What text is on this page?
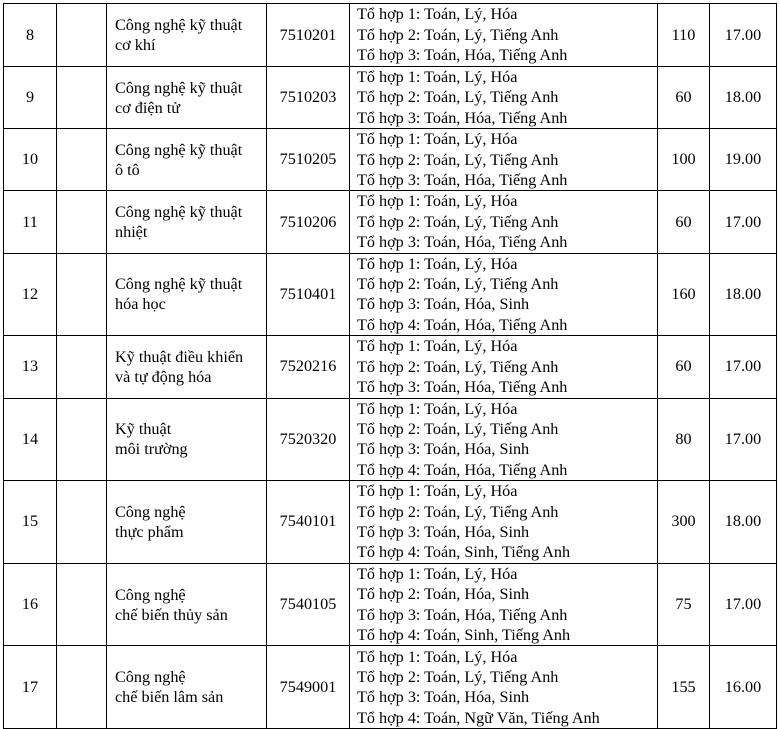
8		Công nghệ kỹ thuật
cơ khí	7510201	Tổ hợp 1: Toán, Lý, Hóa
Tổ hợp 2: Toán, Lý, Tiếng Anh
Tổ hợp 3: Toán, Hóa, Tiếng Anh	110	17.00
9		Công nghệ kỹ thuật
cơ điện tử	7510203	Tổ hợp 1: Toán, Lý, Hóa
Tổ hợp 2: Toán, Lý, Tiếng Anh
Tổ hợp 3: Toán, Hóa, Tiếng Anh	60	18.00
10		Công nghệ kỹ thuật
ô tô	7510205	Tổ hợp 1: Toán, Lý, Hóa
Tổ hợp 2: Toán, Lý, Tiếng Anh
Tổ hợp 3: Toán, Hóa, Tiếng Anh	100	19.00
11		Công nghệ kỹ thuật
nhiệt	7510206	Tổ hợp 1: Toán, Lý, Hóa
Tổ hợp 2: Toán, Lý, Tiếng Anh
Tổ hợp 3: Toán, Hóa, Tiếng Anh	60	17.00
12		Công nghệ kỹ thuật
hóa học	7510401	Tổ hợp 1: Toán, Lý, Hóa
Tổ hợp 2: Toán, Lý, Tiếng Anh
Tổ hợp 3: Toán, Hóa, Sinh
Tổ hợp 4: Toán, Hóa, Tiếng Anh	160	18.00
13		Kỹ thuật điều khiển
và tự động hóa	7520216	Tổ hợp 1: Toán, Lý, Hóa
Tổ hợp 2: Toán, Lý, Tiếng Anh
Tổ hợp 3: Toán, Hóa, Tiếng Anh	60	17.00
14		Kỹ thuật
môi trường	7520320	Tổ hợp 1: Toán, Lý, Hóa
Tổ hợp 2: Toán, Lý, Tiếng Anh
Tổ hợp 3: Toán, Hóa, Sinh
Tổ hợp 4: Toán, Hóa, Tiếng Anh	80	17.00
15		Công nghệ
thực phẩm	7540101	Tổ hợp 1: Toán, Lý, Hóa
Tổ hợp 2: Toán, Lý, Tiếng Anh
Tổ hợp 3: Toán, Hóa, Sinh
Tổ hợp 4: Toán, Sinh, Tiếng Anh	300	18.00
16		Công nghệ
chế biến thủy sản	7540105	Tổ hợp 1: Toán, Lý, Hóa
Tổ hợp 2: Toán, Hóa, Sinh
Tổ hợp 3: Toán, Hóa, Tiếng Anh
Tổ hợp 4: Toán, Sinh, Tiếng Anh	75	17.00
17		Công nghệ
chế biến lâm sản	7549001	Tổ hợp 1: Toán, Lý, Hóa
Tổ hợp 2: Toán, Lý, Tiếng Anh
Tổ hợp 3: Toán, Hóa, Sinh
Tổ hợp 4: Toán, Ngữ Văn, Tiếng Anh	155	16.00
